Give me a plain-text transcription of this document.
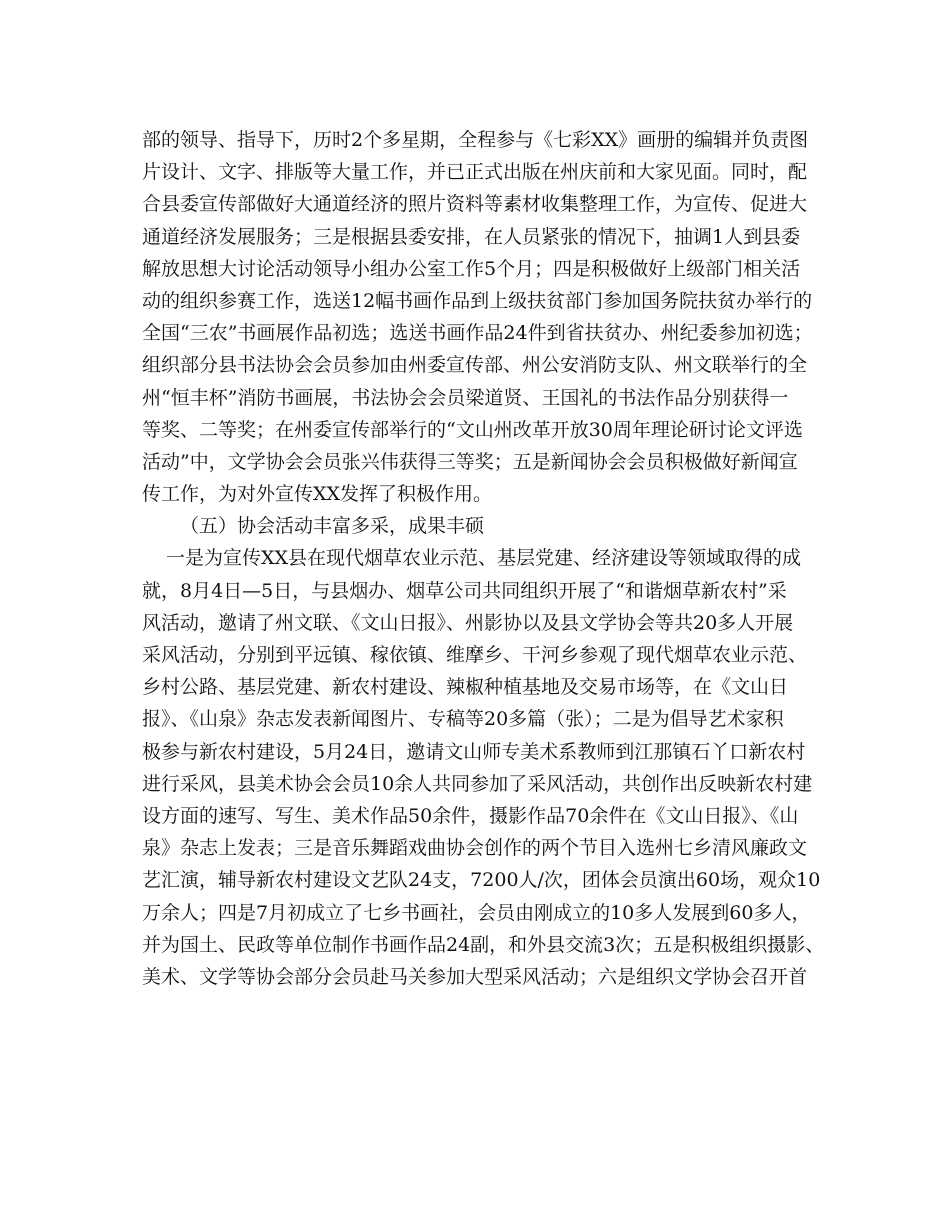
部的领导、指导下，历时2个多星期，全程参与《七彩XX》画册的编辑并负责图
片设计、文字、排版等大量工作，并已正式出版在州庆前和大家见面。同时，配
合县委宣传部做好大通道经济的照片资料等素材收集整理工作，为宣传、促进大
通道经济发展服务；三是根据县委安排，在人员紧张的情况下，抽调1人到县委
解放思想大讨论活动领导小组办公室工作5个月；四是积极做好上级部门相关活
动的组织参赛工作，选送12幅书画作品到上级扶贫部门参加国务院扶贫办举行的
全国“三农”书画展作品初选；选送书画作品24件到省扶贫办、州纪委参加初选；
组织部分县书法协会会员参加由州委宣传部、州公安消防支队、州文联举行的全
州“恒丰杯”消防书画展，书法协会会员梁道贤、王国礼的书法作品分别获得一
等奖、二等奖；在州委宣传部举行的“文山州改革开放30周年理论研讨论文评选
活动”中，文学协会会员张兴伟获得三等奖；五是新闻协会会员积极做好新闻宣
传工作，为对外宣传XX发挥了积极作用。
（五）协会活动丰富多采，成果丰硕
一是为宣传XX县在现代烟草农业示范、基层党建、经济建设等领域取得的成
就，8月4日—5日，与县烟办、烟草公司共同组织开展了“和谐烟草新农村”采
风活动，邀请了州文联、《文山日报》、州影协以及县文学协会等共20多人开展
采风活动，分别到平远镇、稼依镇、维摩乡、干河乡参观了现代烟草农业示范、
乡村公路、基层党建、新农村建设、辣椒种植基地及交易市场等，在《文山日
报》、《山泉》杂志发表新闻图片、专稿等20多篇（张）；二是为倡导艺术家积
极参与新农村建设，5月24日，邀请文山师专美术系教师到江那镇石丫口新农村
进行采风，县美术协会会员10余人共同参加了采风活动，共创作出反映新农村建
设方面的速写、写生、美术作品50余件，摄影作品70余件在《文山日报》、《山
泉》杂志上发表；三是音乐舞蹈戏曲协会创作的两个节目入选州七乡清风廉政文
艺汇演，辅导新农村建设文艺队24支，7200人/次，团体会员演出60场，观众10
万余人；四是7月初成立了七乡书画社，会员由刚成立的10多人发展到60多人，
并为国土、民政等单位制作书画作品24副，和外县交流3次；五是积极组织摄影、
美术、文学等协会部分会员赴马关参加大型采风活动；六是组织文学协会召开首
